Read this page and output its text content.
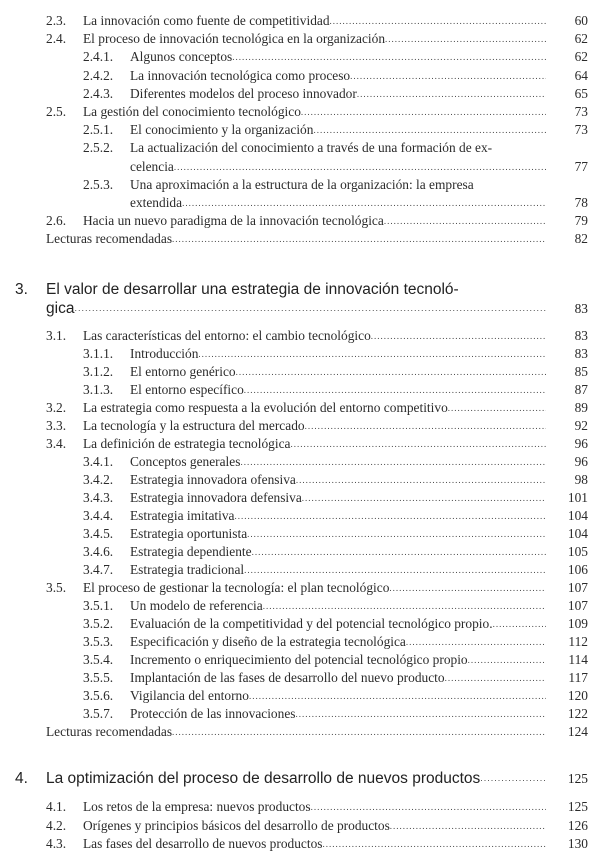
2.3. La innovación como fuente de competitividad .....	60
2.4. El proceso de innovación tecnológica en la organización .....	62
2.4.1. Algunos conceptos .....	62
2.4.2. La innovación tecnológica como proceso .....	64
2.4.3. Diferentes modelos del proceso innovador .....	65
2.5. La gestión del conocimiento tecnológico .....	73
2.5.1. El conocimiento y la organización .....	73
2.5.2. La actualización del conocimiento a través de una formación de ex-
celencia .....	77
2.5.3. Una aproximación a la estructura de la organización: la empresa
extendida .....	78
2.6. Hacia un nuevo paradigma de la innovación tecnológica .....	79
Lecturas recomendadas .....	82
3. El valor de desarrollar una estrategia de innovación tecnoló-
gica .....	83
3.1. Las características del entorno: el cambio tecnológico .....	83
3.1.1. Introducción .....	83
3.1.2. El entorno genérico .....	85
3.1.3. El entorno específico .....	87
3.2. La estrategia como respuesta a la evolución del entorno competitivo .....	89
3.3. La tecnología y la estructura del mercado .....	92
3.4. La definición de estrategia tecnológica .....	96
3.4.1. Conceptos generales .....	96
3.4.2. Estrategia innovadora ofensiva .....	98
3.4.3. Estrategia innovadora defensiva .....	101
3.4.4. Estrategia imitativa .....	104
3.4.5. Estrategia oportunista .....	104
3.4.6. Estrategia dependiente .....	105
3.4.7. Estrategia tradicional .....	106
3.5. El proceso de gestionar la tecnología: el plan tecnológico .....	107
3.5.1. Un modelo de referencia .....	107
3.5.2. Evaluación de la competitividad y del potencial tecnológico propio. .....	109
3.5.3. Especificación y diseño de la estrategia tecnológica .....	112
3.5.4. Incremento o enriquecimiento del potencial tecnológico propio .....	114
3.5.5. Implantación de las fases de desarrollo del nuevo producto .....	117
3.5.6. Vigilancia del entorno .....	120
3.5.7. Protección de las innovaciones .....	122
Lecturas recomendadas .....	124
4. La optimización del proceso de desarrollo de nuevos productos .....	125
4.1. Los retos de la empresa: nuevos productos .....	125
4.2. Orígenes y principios básicos del desarrollo de productos .....	126
4.3. Las fases del desarrollo de nuevos productos .....	130
